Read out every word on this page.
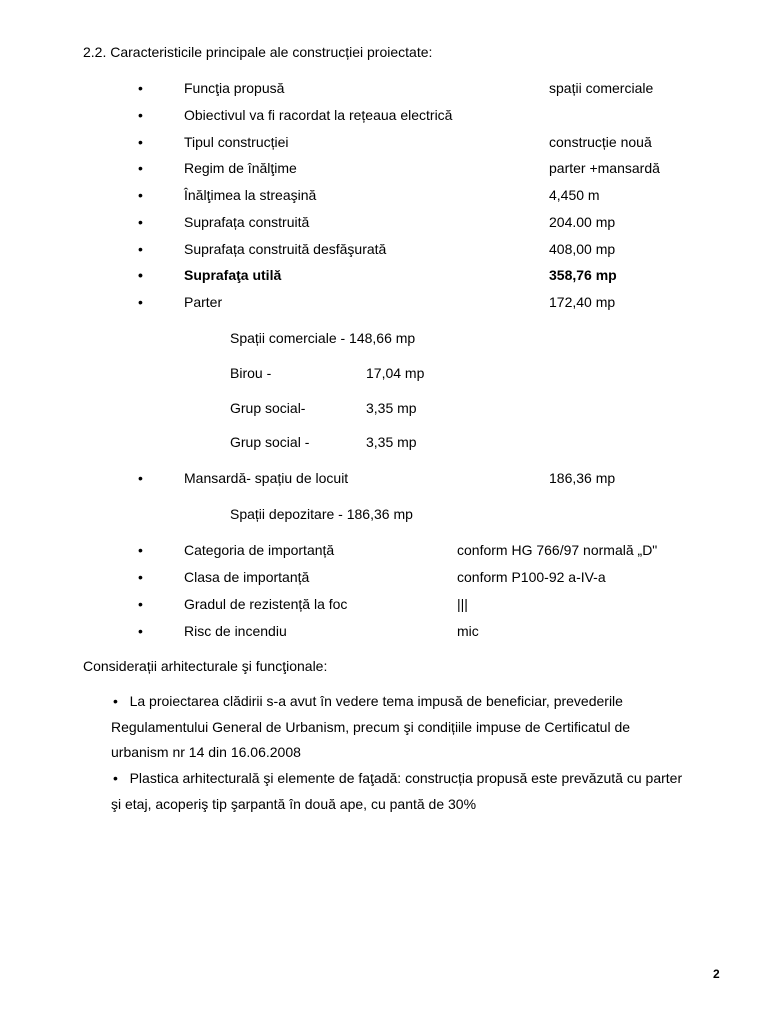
2.2. Caracteristicile principale ale construcției proiectate:
•	Funcţia propusă	spații comerciale
•	Obiectivul va fi racordat la rețeaua electrică
•	Tipul construcției	construcție nouă
•	Regim de înălţime	parter +mansardă
•	Înălţimea la streaşină	4,450 m
•	Suprafața construită	204.00 mp
•	Suprafața construită desfăşurată	408,00 mp
•	Suprafaţa utilă	358,76 mp
•	Parter	172,40 mp
Spații comerciale - 148,66 mp
Birou -	17,04 mp
Grup social-	3,35 mp
Grup social -	3,35 mp
•	Mansardă- spațiu de locuit	186,36 mp
Spații depozitare - 186,36 mp
•	Categoria de importanță	conform HG 766/97 normală „D"
•	Clasa de importanță	conform P100-92 a-IV-a
•	Gradul de rezistență la foc	|||
•	Risc de incendiu	mic
Considerații arhitecturale şi funcţionale:
• La proiectarea clădirii s-a avut în vedere tema impusă de beneficiar, prevederile
Regulamentului General de Urbanism, precum şi condițiile impuse de Certificatul de
urbanism nr 14 din 16.06.2008
• Plastica arhitecturală şi elemente de faţadă: construcția propusă este prevăzută cu parter
şi etaj, acoperiş tip şarpantă în două ape, cu pantă de 30%
2
